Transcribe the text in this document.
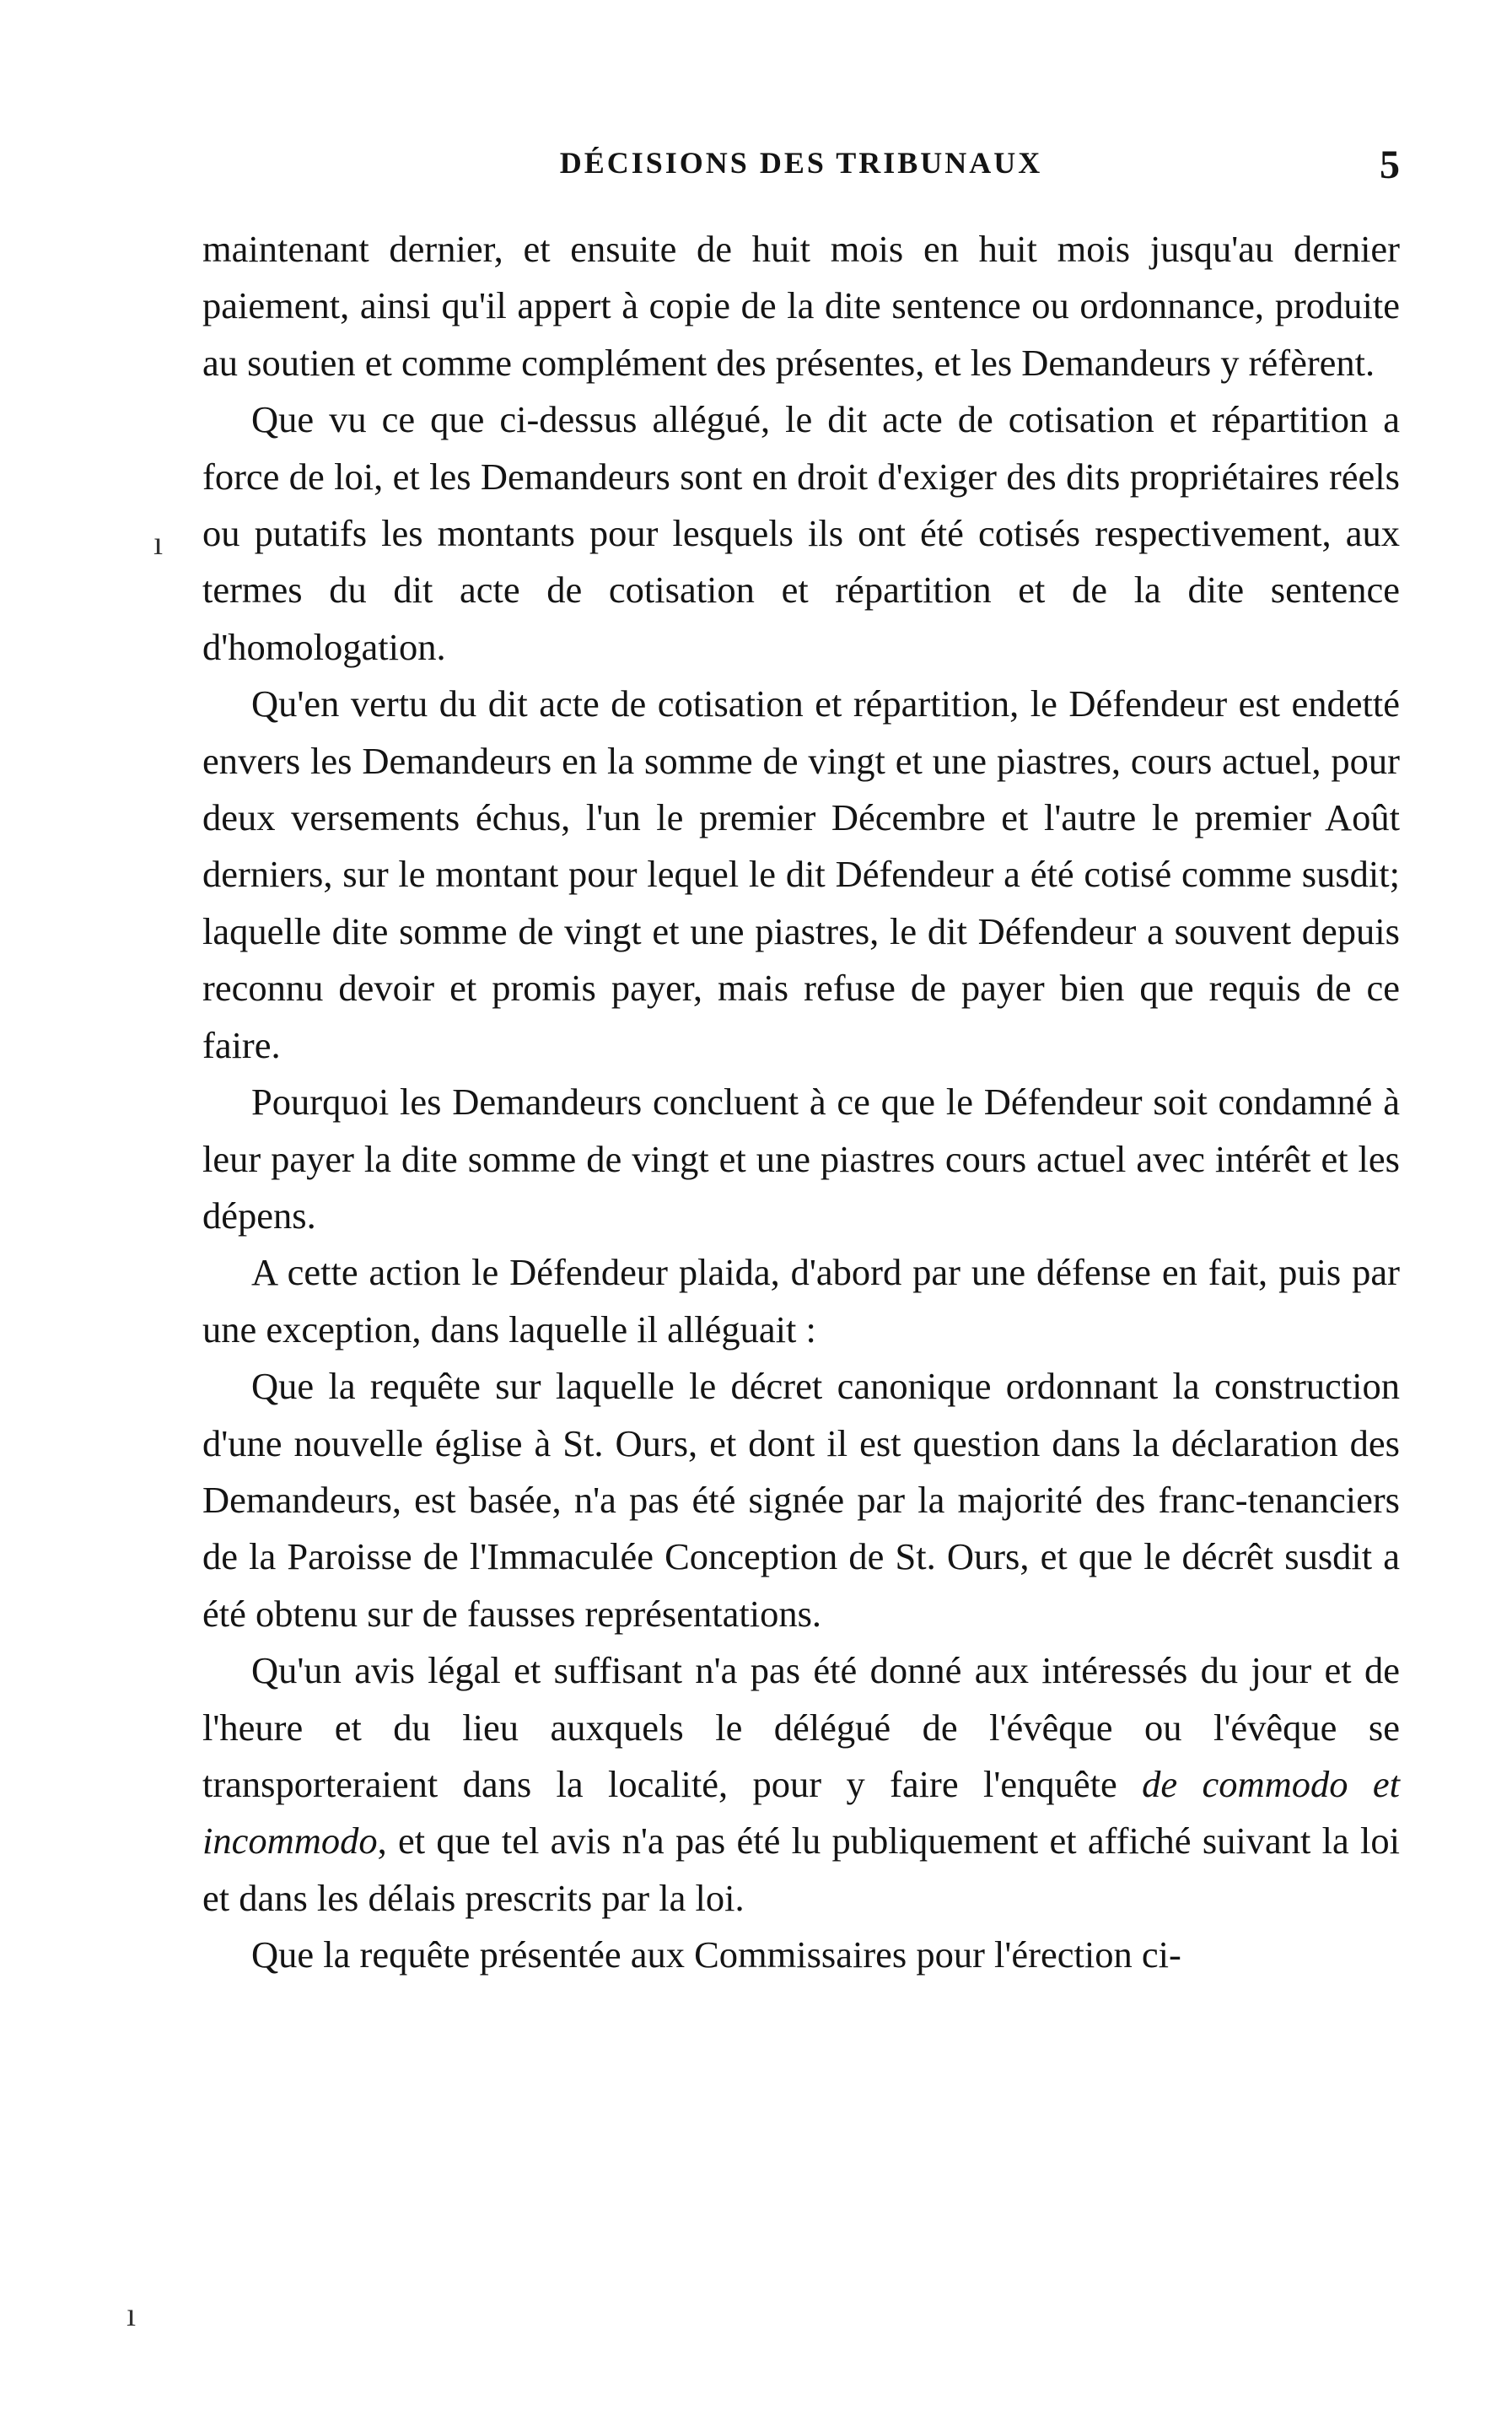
DÉCISIONS DES TRIBUNAUX	5

maintenant dernier, et ensuite de huit mois en huit mois jusqu'au dernier paiement, ainsi qu'il appert à copie de la dite sentence ou ordonnance, produite au soutien et comme complément des présentes, et les Demandeurs y réfèrent.

Que vu ce que ci-dessus allégué, le dit acte de cotisation et répartition a force de loi, et les Demandeurs sont en droit d'exiger des dits propriétaires réels ou putatifs les montants pour lesquels ils ont été cotisés respectivement, aux termes du dit acte de cotisation et répartition et de la dite sentence d'homologation.

Qu'en vertu du dit acte de cotisation et répartition, le Défendeur est endetté envers les Demandeurs en la somme de vingt et une piastres, cours actuel, pour deux versements échus, l'un le premier Décembre et l'autre le premier Août derniers, sur le montant pour lequel le dit Défendeur a été cotisé comme susdit; laquelle dite somme de vingt et une piastres, le dit Défendeur a souvent depuis reconnu devoir et promis payer, mais refuse de payer bien que requis de ce faire.

Pourquoi les Demandeurs concluent à ce que le Défendeur soit condamné à leur payer la dite somme de vingt et une piastres cours actuel avec intérêt et les dépens.

A cette action le Défendeur plaida, d'abord par une défense en fait, puis par une exception, dans laquelle il alléguait :

Que la requête sur laquelle le décret canonique ordonnant la construction d'une nouvelle église à St. Ours, et dont il est question dans la déclaration des Demandeurs, est basée, n'a pas été signée par la majorité des franc-tenanciers de la Paroisse de l'Immaculée Conception de St. Ours, et que le décrêt susdit a été obtenu sur de fausses représentations.

Qu'un avis légal et suffisant n'a pas été donné aux intéressés du jour et de l'heure et du lieu auxquels le délégué de l'évêque ou l'évêque se transporteraient dans la localité, pour y faire l'enquête de commodo et incommodo, et que tel avis n'a pas été lu publiquement et affiché suivant la loi et dans les délais prescrits par la loi.

Que la requête présentée aux Commissaires pour l'érection ci-

ı
ı
